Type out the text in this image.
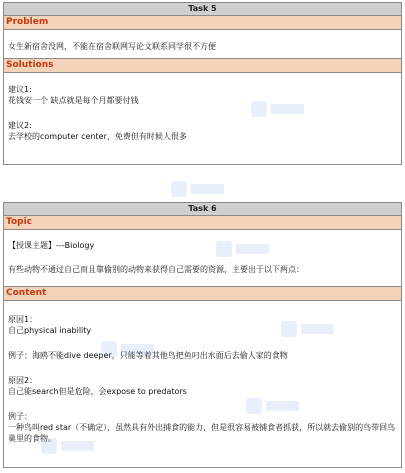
Task 5
Problem
女生新宿舍没网，不能在宿舍联网写论文联系同学很不方便
Solutions
建议1:
花钱安一个 缺点就是每个月都要付钱
建议2:
去学校的computer center，免费但有时候人很多
Task 6
Topic
【授课主题】---Biology
有些动物不通过自己而且靠偷别的动物来获得自己需要的资源，主要出于以下两点：
Content
原因1：
自己physical inability
例子：海鸥不能dive deeper，只能等着其他鸟把鱼叼出水面后去偷人家的食物
原因2：
自己能search但是危险，会expose to predators
例子：
一种鸟叫red star（不确定），虽然具有外出捕食的能力，但是很容易被捕食者抓获，所以就去偷别的鸟带回鸟巢里的食物。
